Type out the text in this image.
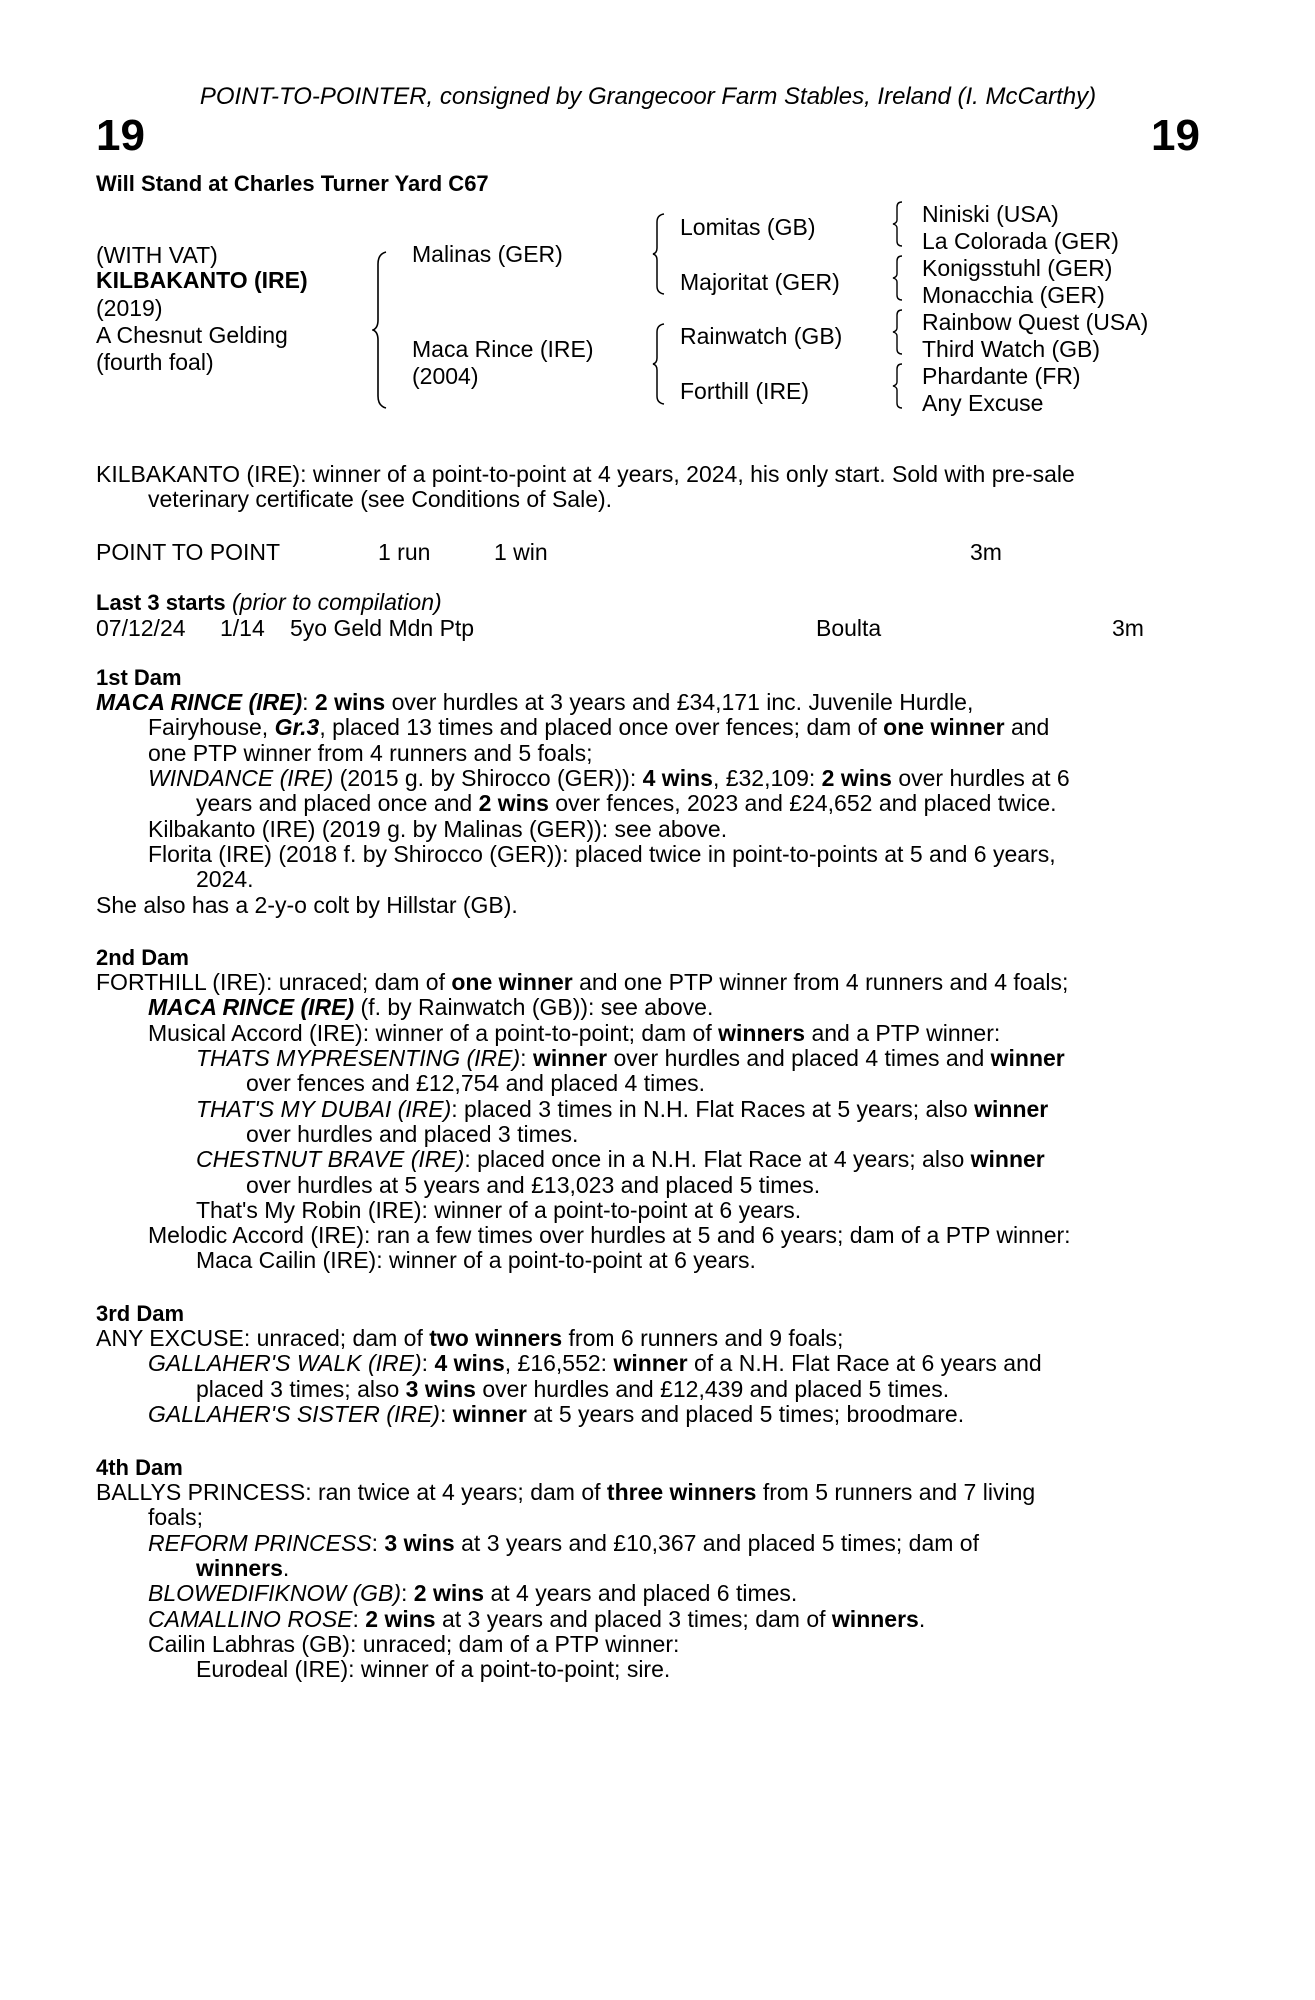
POINT-TO-POINTER, consigned by Grangecoor Farm Stables, Ireland (I. McCarthy)
19	19
Will Stand at Charles Turner Yard C67
(WITH VAT)
KILBAKANTO (IRE)
(2019)
A Chesnut Gelding
(fourth foal)
Malinas (GER)
Maca Rince (IRE)
(2004)
Lomitas (GB)
Majoritat (GER)
Rainwatch (GB)
Forthill (IRE)
Niniski (USA)
La Colorada (GER)
Konigsstuhl (GER)
Monacchia (GER)
Rainbow Quest (USA)
Third Watch (GB)
Phardante (FR)
Any Excuse
KILBAKANTO (IRE): winner of a point-to-point at 4 years, 2024, his only start. Sold with pre-sale
veterinary certificate (see Conditions of Sale).
POINT TO POINT	1 run	1 win	3m
Last 3 starts (prior to compilation)
07/12/24 1/14 5yo Geld Mdn Ptp	Boulta	3m
1st Dam
MACA RINCE (IRE): 2 wins over hurdles at 3 years and £34,171 inc. Juvenile Hurdle,
Fairyhouse, Gr.3, placed 13 times and placed once over fences; dam of one winner and
one PTP winner from 4 runners and 5 foals;
WINDANCE (IRE) (2015 g. by Shirocco (GER)): 4 wins, £32,109: 2 wins over hurdles at 6
years and placed once and 2 wins over fences, 2023 and £24,652 and placed twice.
Kilbakanto (IRE) (2019 g. by Malinas (GER)): see above.
Florita (IRE) (2018 f. by Shirocco (GER)): placed twice in point-to-points at 5 and 6 years,
2024.
She also has a 2-y-o colt by Hillstar (GB).
2nd Dam
FORTHILL (IRE): unraced; dam of one winner and one PTP winner from 4 runners and 4 foals;
MACA RINCE (IRE) (f. by Rainwatch (GB)): see above.
Musical Accord (IRE): winner of a point-to-point; dam of winners and a PTP winner:
THATS MYPRESENTING (IRE): winner over hurdles and placed 4 times and winner
over fences and £12,754 and placed 4 times.
THAT'S MY DUBAI (IRE): placed 3 times in N.H. Flat Races at 5 years; also winner
over hurdles and placed 3 times.
CHESTNUT BRAVE (IRE): placed once in a N.H. Flat Race at 4 years; also winner
over hurdles at 5 years and £13,023 and placed 5 times.
That's My Robin (IRE): winner of a point-to-point at 6 years.
Melodic Accord (IRE): ran a few times over hurdles at 5 and 6 years; dam of a PTP winner:
Maca Cailin (IRE): winner of a point-to-point at 6 years.
3rd Dam
ANY EXCUSE: unraced; dam of two winners from 6 runners and 9 foals;
GALLAHER'S WALK (IRE): 4 wins, £16,552: winner of a N.H. Flat Race at 6 years and
placed 3 times; also 3 wins over hurdles and £12,439 and placed 5 times.
GALLAHER'S SISTER (IRE): winner at 5 years and placed 5 times; broodmare.
4th Dam
BALLYS PRINCESS: ran twice at 4 years; dam of three winners from 5 runners and 7 living
foals;
REFORM PRINCESS: 3 wins at 3 years and £10,367 and placed 5 times; dam of
winners.
BLOWEDIFIKNOW (GB): 2 wins at 4 years and placed 6 times.
CAMALLINO ROSE: 2 wins at 3 years and placed 3 times; dam of winners.
Cailin Labhras (GB): unraced; dam of a PTP winner:
Eurodeal (IRE): winner of a point-to-point; sire.
